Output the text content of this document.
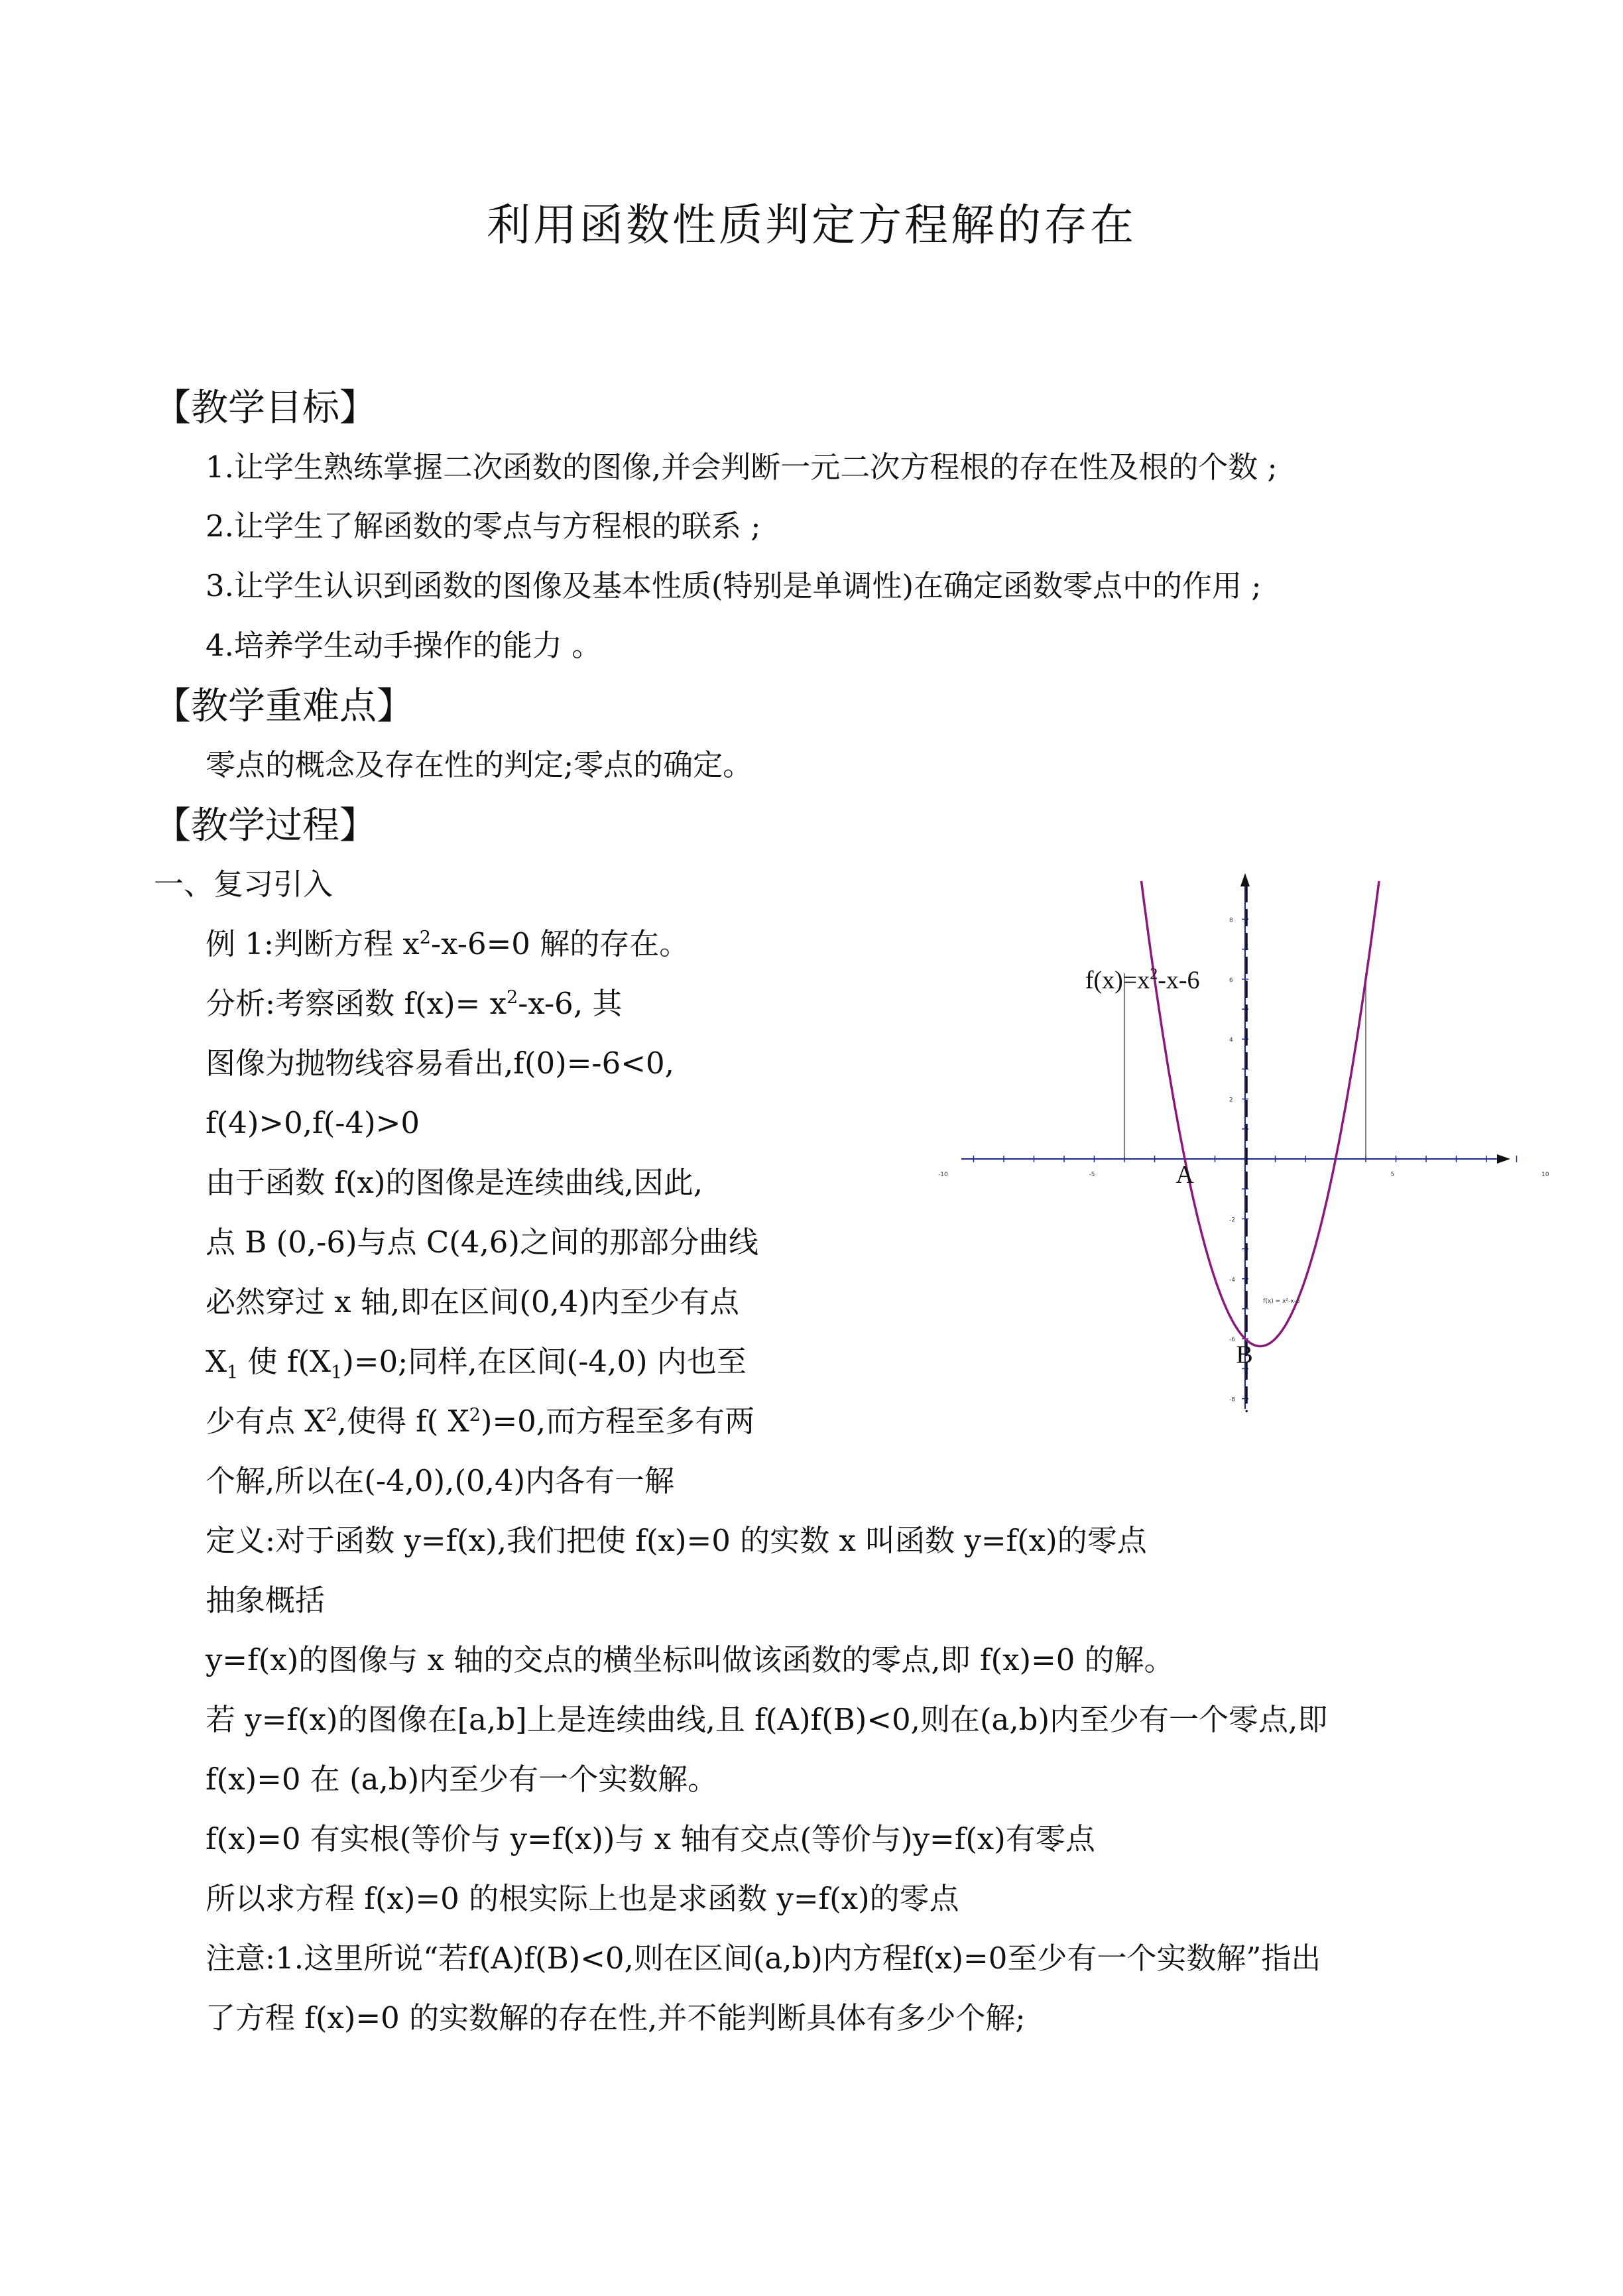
利用函数性质判定方程解的存在
【教学目标】
1.让学生熟练掌握二次函数的图像,并会判断一元二次方程根的存在性及根的个数 ;
2.让学生了解函数的零点与方程根的联系 ;
3.让学生认识到函数的图像及基本性质(特别是单调性)在确定函数零点中的作用 ;
4.培养学生动手操作的能力 。
【教学重难点】
零点的概念及存在性的判定;零点的确定。
【教学过程】
一、复习引入
例 1:判断方程 $x^2-x-6=0$ 解的存在。
分析:考察函数 $f(x)= x^2-x-6$, 其
图像为抛物线容易看出,f(0)=-6<0,
f(4)>0,f(-4)>0
由于函数 f(x)的图像是连续曲线,因此,
点 B (0,-6)与点 C(4,6)之间的那部分曲线
必然穿过 x 轴,即在区间(0,4)内至少有点
$X_1$ 使 $f(X_1)=0$;同样,在区间(-4,0) 内也至
少有点 $X^2$,使得 f( $X^2)=0$,而方程至多有两
个解,所以在(-4,0),(0,4)内各有一解
定义:对于函数 y=f(x),我们把使 f(x)=0 的实数 x 叫函数 y=f(x)的零点
抽象概括
y=f(x)的图像与 x 轴的交点的横坐标叫做该函数的零点,即 f(x)=0 的解。
若 y=f(x)的图像在[a,b]上是连续曲线,且 f(A)f(B)<0,则在(a,b)内至少有一个零点,即
f(x)=0 在 (a,b)内至少有一个实数解。
f(x)=0 有实根(等价与 y=f(x))与 x 轴有交点(等价与)y=f(x)有零点
所以求方程 f(x)=0 的根实际上也是求函数 y=f(x)的零点
注意:1.这里所说“若f(A)f(B)<0,则在区间(a,b)内方程f(x)=0至少有一个实数解”指出
了方程 f(x)=0 的实数解的存在性,并不能判断具体有多少个解;
-10	-5	5	10
8
6
4
2
-2
-4
-6
-8
$f(x)=x^2-x-6$
A
B
f(x) = x²-x-6
